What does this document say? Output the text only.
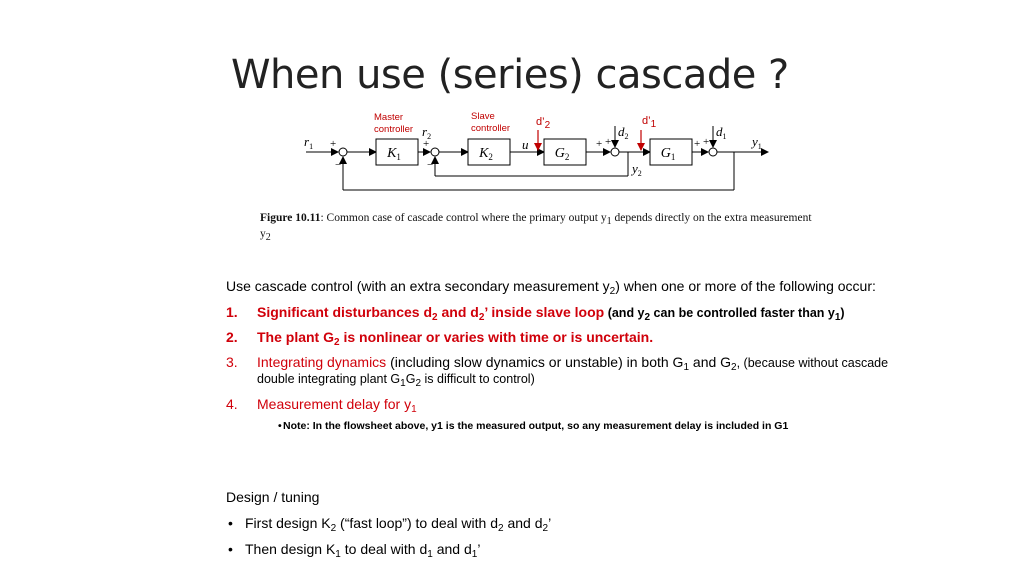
When use (series) cascade ?
Master controller
Slave controller
$d’_2$	$d’_1$
$K_1$	$K_2$	$G_2$	$G_1$
$r_1$
$r_2$
u
$d_2$	$d_1$ $y_1$
$y_2$
+
−
+
−
+ +	+ +
Figure 10.11: Common case of cascade control where the primary output $y_1$ depends directly on the extra measurement $y_2$

Use cascade control (with an extra secondary measurement $y_2$) when one or more of the following occur:

1. Significant disturbances $d_2$ and $d_2$’ inside slave loop (and $y_2$ can be controlled faster than $y_1$)
2. The plant $G_2$ is nonlinear or varies with time or is uncertain.
3. Integrating dynamics (including slow dynamics or unstable) in both $G_1$ and $G_2$, (because without cascade double integrating plant $G_1G_2$ is difficult to control)
4. Measurement delay for $y_1$
• Note: In the flowsheet above, y1 is the measured output, so any measurement delay is included in G1
Design / tuning
• First design $K_2$ (“fast loop”) to deal with $d_2$ and $d_2$’
• Then design $K_1$ to deal with $d_1$ and $d_1$’
